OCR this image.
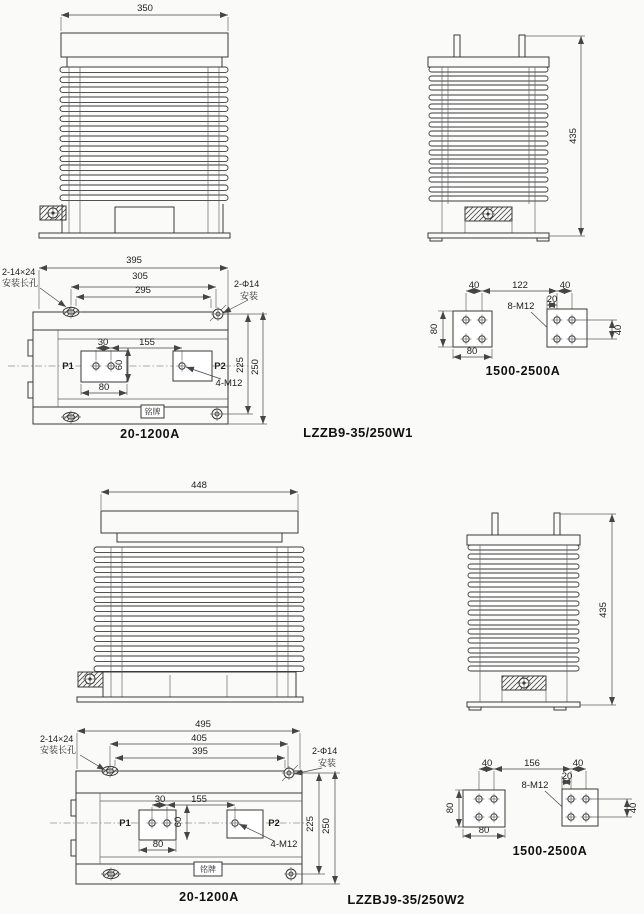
350
435
395
305
295
2-14×24
安装长孔	2-Φ14
安装
P1	P2
30	155
60
80	4-M12
225 250
铭牌
20-1200A
40	122	40
20
8-M12
80
80
40
1500-2500A
LZZB9-35/250W1
448
435
495
405
395
2-14×24
安装长孔	2-Φ14
安装
P1	P2
30	155
60
80	4-M12
225 250
铭牌
20-1200A
40	156	40
20
8-M12
80
80
40
1500-2500A
LZZBJ9-35/250W2
